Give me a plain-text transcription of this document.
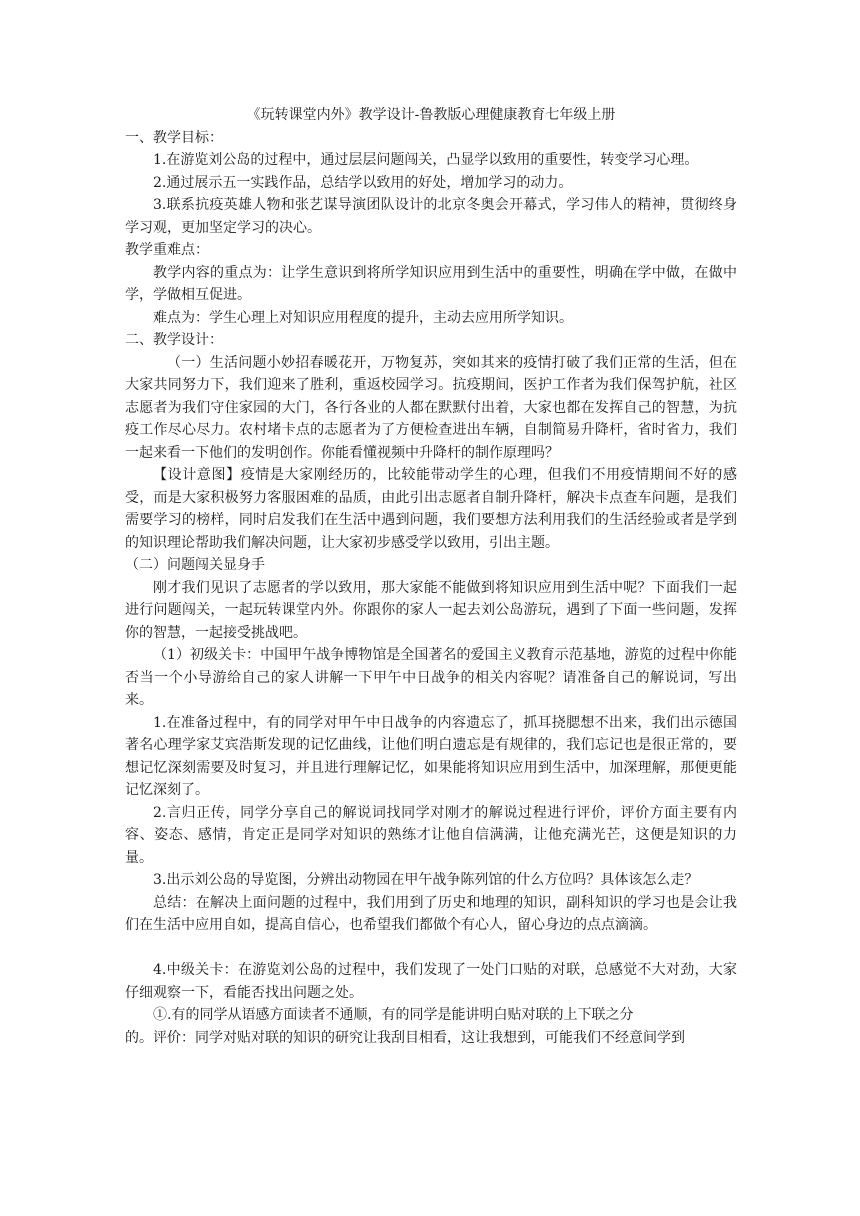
《玩转课堂内外》教学设计-鲁教版心理健康教育七年级上册

一、教学目标：

1.在游览刘公岛的过程中，通过层层问题闯关，凸显学以致用的重要性，转变学习心理。

2.通过展示五一实践作品，总结学以致用的好处，增加学习的动力。

3.联系抗疫英雄人物和张艺谋导演团队设计的北京冬奥会开幕式，学习伟人的精神，贯彻终身学习观，更加坚定学习的决心。

教学重难点：

教学内容的重点为：让学生意识到将所学知识应用到生活中的重要性，明确在学中做，在做中学，学做相互促进。

难点为：学生心理上对知识应用程度的提升，主动去应用所学知识。

二、教学设计：

（一）生活问题小妙招春暖花开，万物复苏，突如其来的疫情打破了我们正常的生活，但在大家共同努力下，我们迎来了胜利，重返校园学习。抗疫期间，医护工作者为我们保驾护航，社区志愿者为我们守住家园的大门，各行各业的人都在默默付出着，大家也都在发挥自己的智慧，为抗疫工作尽心尽力。农村堵卡点的志愿者为了方便检查进出车辆，自制简易升降杆，省时省力，我们一起来看一下他们的发明创作。你能看懂视频中升降杆的制作原理吗？

【设计意图】疫情是大家刚经历的，比较能带动学生的心理，但我们不用疫情期间不好的感受，而是大家积极努力客服困难的品质，由此引出志愿者自制升降杆，解决卡点查车问题，是我们需要学习的榜样，同时启发我们在生活中遇到问题，我们要想方法利用我们的生活经验或者是学到的知识理论帮助我们解决问题，让大家初步感受学以致用，引出主题。

（二）问题闯关显身手

刚才我们见识了志愿者的学以致用，那大家能不能做到将知识应用到生活中呢？下面我们一起进行问题闯关，一起玩转课堂内外。你跟你的家人一起去刘公岛游玩，遇到了下面一些问题，发挥你的智慧，一起接受挑战吧。

（1）初级关卡：中国甲午战争博物馆是全国著名的爱国主义教育示范基地，游览的过程中你能否当一个小导游给自己的家人讲解一下甲午中日战争的相关内容呢？请准备自己的解说词，写出来。

1.在准备过程中，有的同学对甲午中日战争的内容遗忘了，抓耳挠腮想不出来，我们出示德国著名心理学家艾宾浩斯发现的记忆曲线，让他们明白遗忘是有规律的，我们忘记也是很正常的，要想记忆深刻需要及时复习，并且进行理解记忆，如果能将知识应用到生活中，加深理解，那便更能记忆深刻了。

2.言归正传，同学分享自己的解说词找同学对刚才的解说过程进行评价，评价方面主要有内容、姿态、感情，肯定正是同学对知识的熟练才让他自信满满，让他充满光芒，这便是知识的力量。

3.出示刘公岛的导览图，分辨出动物园在甲午战争陈列馆的什么方位吗？具体该怎么走？

总结：在解决上面问题的过程中，我们用到了历史和地理的知识，副科知识的学习也是会让我们在生活中应用自如，提高自信心，也希望我们都做个有心人，留心身边的点点滴滴。

4.中级关卡：在游览刘公岛的过程中，我们发现了一处门口贴的对联，总感觉不大对劲，大家仔细观察一下，看能否找出问题之处。

①.有的同学从语感方面读者不通顺，有的同学是能讲明白贴对联的上下联之分

的。评价：同学对贴对联的知识的研究让我刮目相看，这让我想到，可能我们不经意间学到
